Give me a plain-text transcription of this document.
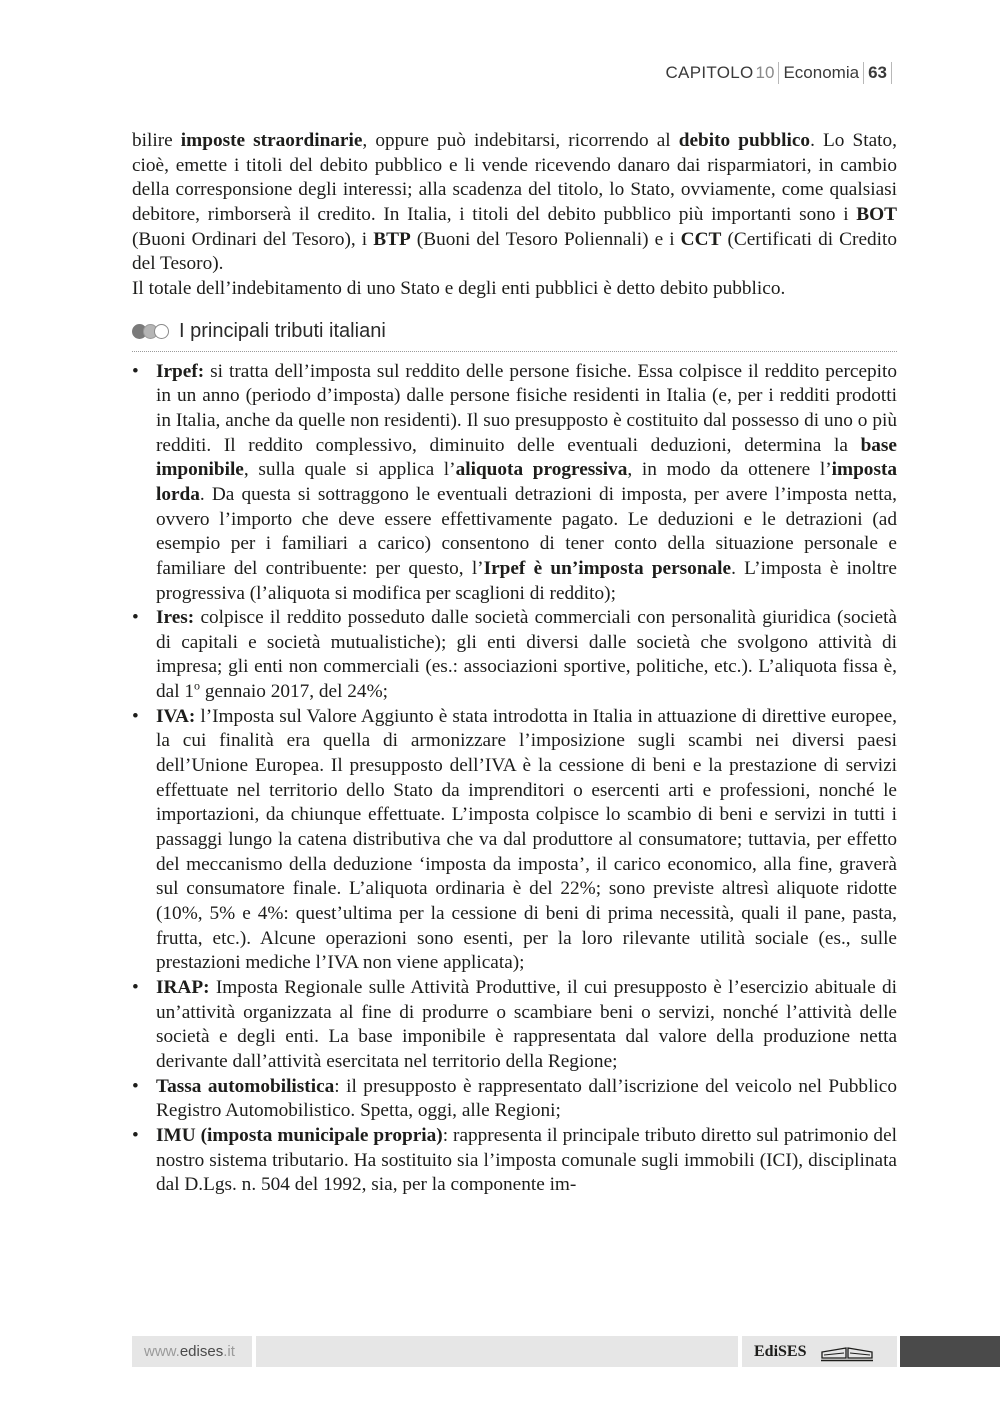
CAPITOLO 10 Economia 63

bilire imposte straordinarie, oppure può indebitarsi, ricorrendo al debito pubblico. Lo Stato, cioè, emette i titoli del debito pubblico e li vende ricevendo danaro dai risparmiatori, in cambio della corresponsione degli interessi; alla scadenza del titolo, lo Stato, ovviamente, come qualsiasi debitore, rimborserà il credito. In Italia, i titoli del debito pubblico più importanti sono i BOT (Buoni Ordinari del Tesoro), i BTP (Buoni del Tesoro Poliennali) e i CCT (Certificati di Credito del Tesoro).

Il totale dell’indebitamento di uno Stato e degli enti pubblici è detto debito pubblico.

I principali tributi italiani
• Irpef: si tratta dell’imposta sul reddito delle persone fisiche. Essa colpisce il reddito percepito in un anno (periodo d’imposta) dalle persone fisiche residenti in Italia (e, per i redditi prodotti in Italia, anche da quelle non residenti). Il suo presupposto è costituito dal possesso di uno o più redditi. Il reddito complessivo, diminuito delle eventuali deduzioni, determina la base imponibile, sulla quale si applica l’aliquota progressiva, in modo da ottenere l’imposta lorda. Da questa si sottraggono le eventuali detrazioni di imposta, per avere l’imposta netta, ovvero l’importo che deve essere effettivamente pagato. Le deduzioni e le detrazioni (ad esempio per i familiari a carico) consentono di tener conto della situazione personale e familiare del contribuente: per questo, l’Irpef è un’imposta personale. L’imposta è inoltre progressiva (l’aliquota si modifica per scaglioni di reddito);
• Ires: colpisce il reddito posseduto dalle società commerciali con personalità giuridica (società di capitali e società mutualistiche); gli enti diversi dalle società che svolgono attività di impresa; gli enti non commerciali (es.: associazioni sportive, politiche, etc.). L’aliquota fissa è, dal 1$^o$ gennaio 2017, del 24%;
• IVA: l’Imposta sul Valore Aggiunto è stata introdotta in Italia in attuazione di direttive europee, la cui finalità era quella di armonizzare l’imposizione sugli scambi nei diversi paesi dell’Unione Europea. Il presupposto dell’IVA è la cessione di beni e la prestazione di servizi effettuate nel territorio dello Stato da imprenditori o esercenti arti e professioni, nonché le importazioni, da chiunque effettuate. L’imposta colpisce lo scambio di beni e servizi in tutti i passaggi lungo la catena distributiva che va dal produttore al consumatore; tuttavia, per effetto del meccanismo della deduzione ‘imposta da imposta’, il carico economico, alla fine, graverà sul consumatore finale. L’aliquota ordinaria è del 22%; sono previste altresì aliquote ridotte (10%, 5% e 4%: quest’ultima per la cessione di beni di prima necessità, quali il pane, pasta, frutta, etc.). Alcune operazioni sono esenti, per la loro rilevante utilità sociale (es., sulle prestazioni mediche l’IVA non viene applicata);
• IRAP: Imposta Regionale sulle Attività Produttive, il cui presupposto è l’esercizio abituale di un’attività organizzata al fine di produrre o scambiare beni o servizi, nonché l’attività delle società e degli enti. La base imponibile è rappresentata dal valore della produzione netta derivante dall’attività esercitata nel territorio della Regione;
• Tassa automobilistica: il presupposto è rappresentato dall’iscrizione del veicolo nel Pubblico Registro Automobilistico. Spetta, oggi, alle Regioni;
• IMU (imposta municipale propria): rappresenta il principale tributo diretto sul patrimonio del nostro sistema tributario. Ha sostituito sia l’imposta comunale sugli immobili (ICI), disciplinata dal D.Lgs. n. 504 del 1992, sia, per la componente im-
www. edises .it	EdiSES
